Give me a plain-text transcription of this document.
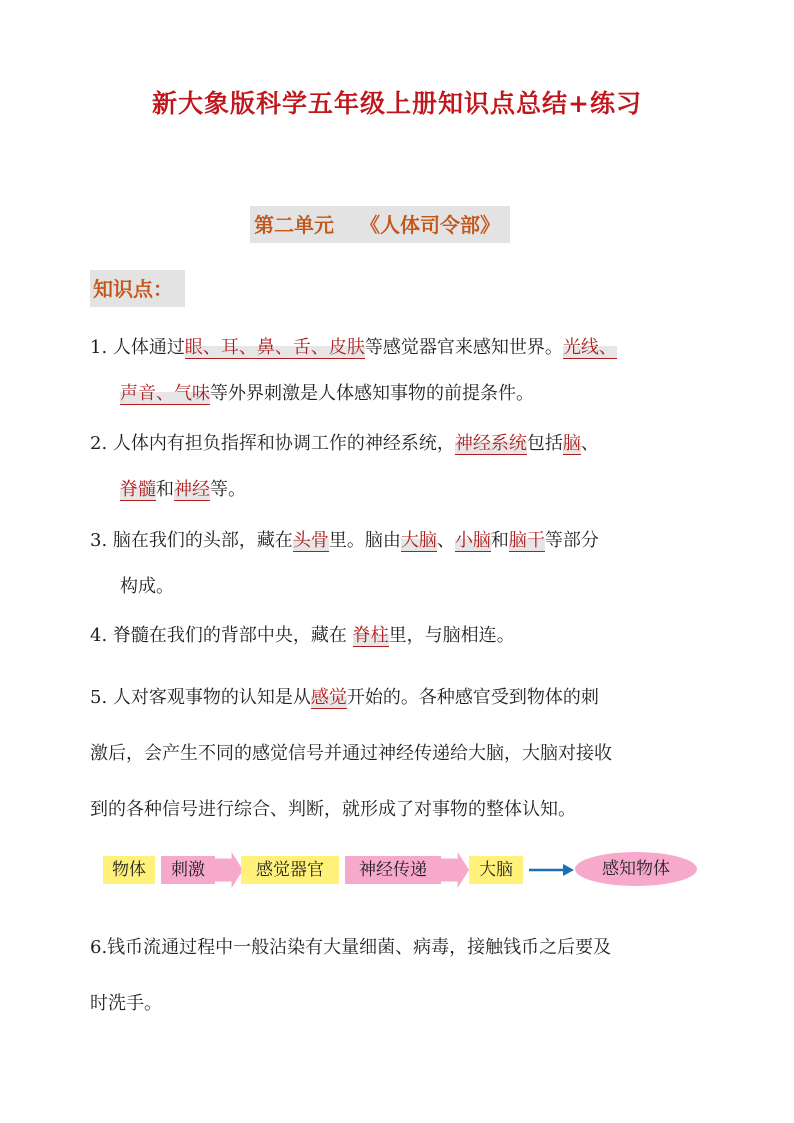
新大象版科学五年级上册知识点总结+练习
第二单元 《人体司令部》
知识点：
1. 人体通过眼、耳、鼻、舌、皮肤等感觉器官来感知世界。光线、
声音、气味等外界刺激是人体感知事物的前提条件。
2. 人体内有担负指挥和协调工作的神经系统，神经系统包括脑、
脊髓和神经等。
3. 脑在我们的头部，藏在头骨里。脑由大脑、小脑和脑干等部分
构成。
4. 脊髓在我们的背部中央，藏在 脊柱里，与脑相连。
5. 人对客观事物的认知是从感觉开始的。各种感官受到物体的刺
激后，会产生不同的感觉信号并通过神经传递给大脑，大脑对接收
到的各种信号进行综合、判断，就形成了对事物的整体认知。
物体	刺激	感觉器官	神经传递	大脑	感知物体
6.钱币流通过程中一般沾染有大量细菌、病毒，接触钱币之后要及
时洗手。
